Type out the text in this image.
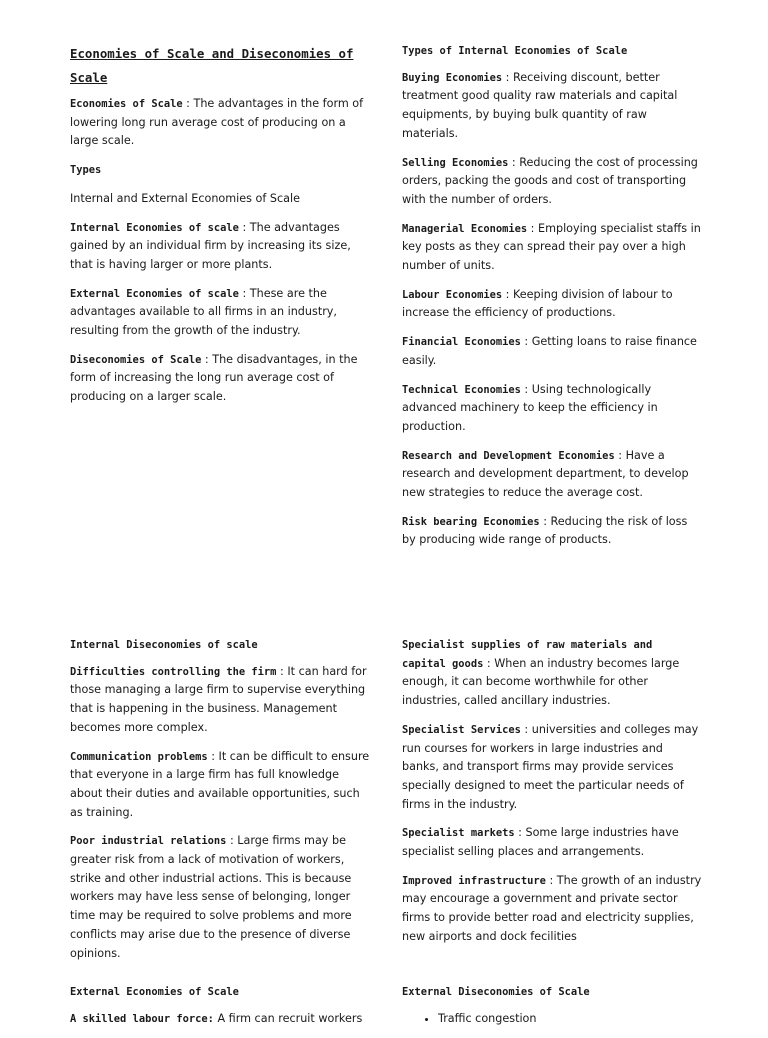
Economies of Scale and Diseconomies of Scale

Economies of Scale : The advantages in the form of lowering long run average cost of producing on a large scale.

Types

Internal and External Economies of Scale

Internal Economies of scale : The advantages gained by an individual firm by increasing its size, that is having larger or more plants.

External Economies of scale : These are the advantages available to all firms in an industry, resulting from the growth of the industry.

Diseconomies of Scale : The disadvantages, in the form of increasing the long run average cost of producing on a larger scale.

Types of Internal Economies of Scale

Buying Economies : Receiving discount, better treatment good quality raw materials and capital equipments, by buying bulk quantity of raw materials.

Selling Economies : Reducing the cost of processing orders, packing the goods and cost of transporting with the number of orders.

Managerial Economies : Employing specialist staffs in key posts as they can spread their pay over a high number of units.

Labour Economies : Keeping division of labour to increase the efficiency of productions.

Financial Economies : Getting loans to raise finance easily.

Technical Economies : Using technologically advanced machinery to keep the efficiency in production.

Research and Development Economies : Have a research and development department, to develop new strategies to reduce the average cost.

Risk bearing Economies : Reducing the risk of loss by producing wide range of products.

Internal Diseconomies of scale

Difficulties controlling the firm : It can hard for those managing a large firm to supervise everything that is happening in the business. Management becomes more complex.

Communication problems : It can be difficult to ensure that everyone in a large firm has full knowledge about their duties and available opportunities, such as training.

Poor industrial relations : Large firms may be greater risk from a lack of motivation of workers, strike and other industrial actions. This is because workers may have less sense of belonging, longer time may be required to solve problems and more conflicts may arise due to the presence of diverse opinions.

Specialist supplies of raw materials and capital goods : When an industry becomes large enough, it can become worthwhile for other industries, called ancillary industries.

Specialist Services : universities and colleges may run courses for workers in large industries and banks, and transport firms may provide services specially designed to meet the particular needs of firms in the industry.

Specialist markets : Some large industries have specialist selling places and arrangements.

Improved infrastructure : The growth of an industry may encourage a government and private sector firms to provide better road and electricity supplies, new airports and dock fecilities

External Economies of Scale

A skilled labour force: A firm can recruit workers

External Diseconomies of Scale

• Traffic congestion
